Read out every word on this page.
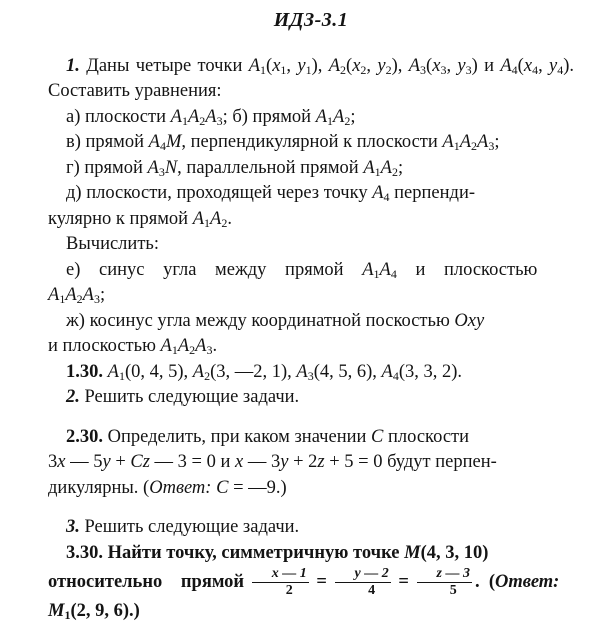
ИДЗ-3.1

1. Даны четыре точки $A_1(x_1$, $y_1$), $A_2(x_2$, $y_2$), $A_3(x_3$, $y_3$) и $A_4(x_4$, $y_4$). Составить уравнения:

а) плоскости $A_1A_2A_3$; б) прямой $A_1A_2$;

в) прямой $A_4M$, перпендикулярной к плоскости $A_1A_2A_3$;

г) прямой $A_3N$, параллельной прямой $A_1A_2$;

д) плоскости, проходящей через точку $A_4$ перпенди-
кулярно к прямой $A_1A_2$.

Вычислить:

е) синус угла между прямой $A_1A_4$ и плоскостью
$A_1A_2A_3$;

ж) косинус угла между координатной поскостью Oxy
и плоскостью $A_1A_2A_3$.

1.30. $A_1(0$, 4, 5), $A_2(3$, —2, 1), $A_3(4$, 5, 6), $A_4(3$, 3, 2).

2. Решить следующие задачи.

2.30. Определить, при каком значении C плоскости
3x — 5y + Cz — 3 = 0 и x — 3y + 2z + 5 = 0 будут перпен-
дикулярны. (Ответ: C = —9.)

3. Решить следующие задачи.

3.30. Найти точку, симметричную точке M(4, 3, 10)
относительно прямой $\frac{x — 1}{2} = \frac{y — 2}{4} = \frac{z — 3}{5}$ .  (Ответ:
$M_1(2$, 9, 6).)
